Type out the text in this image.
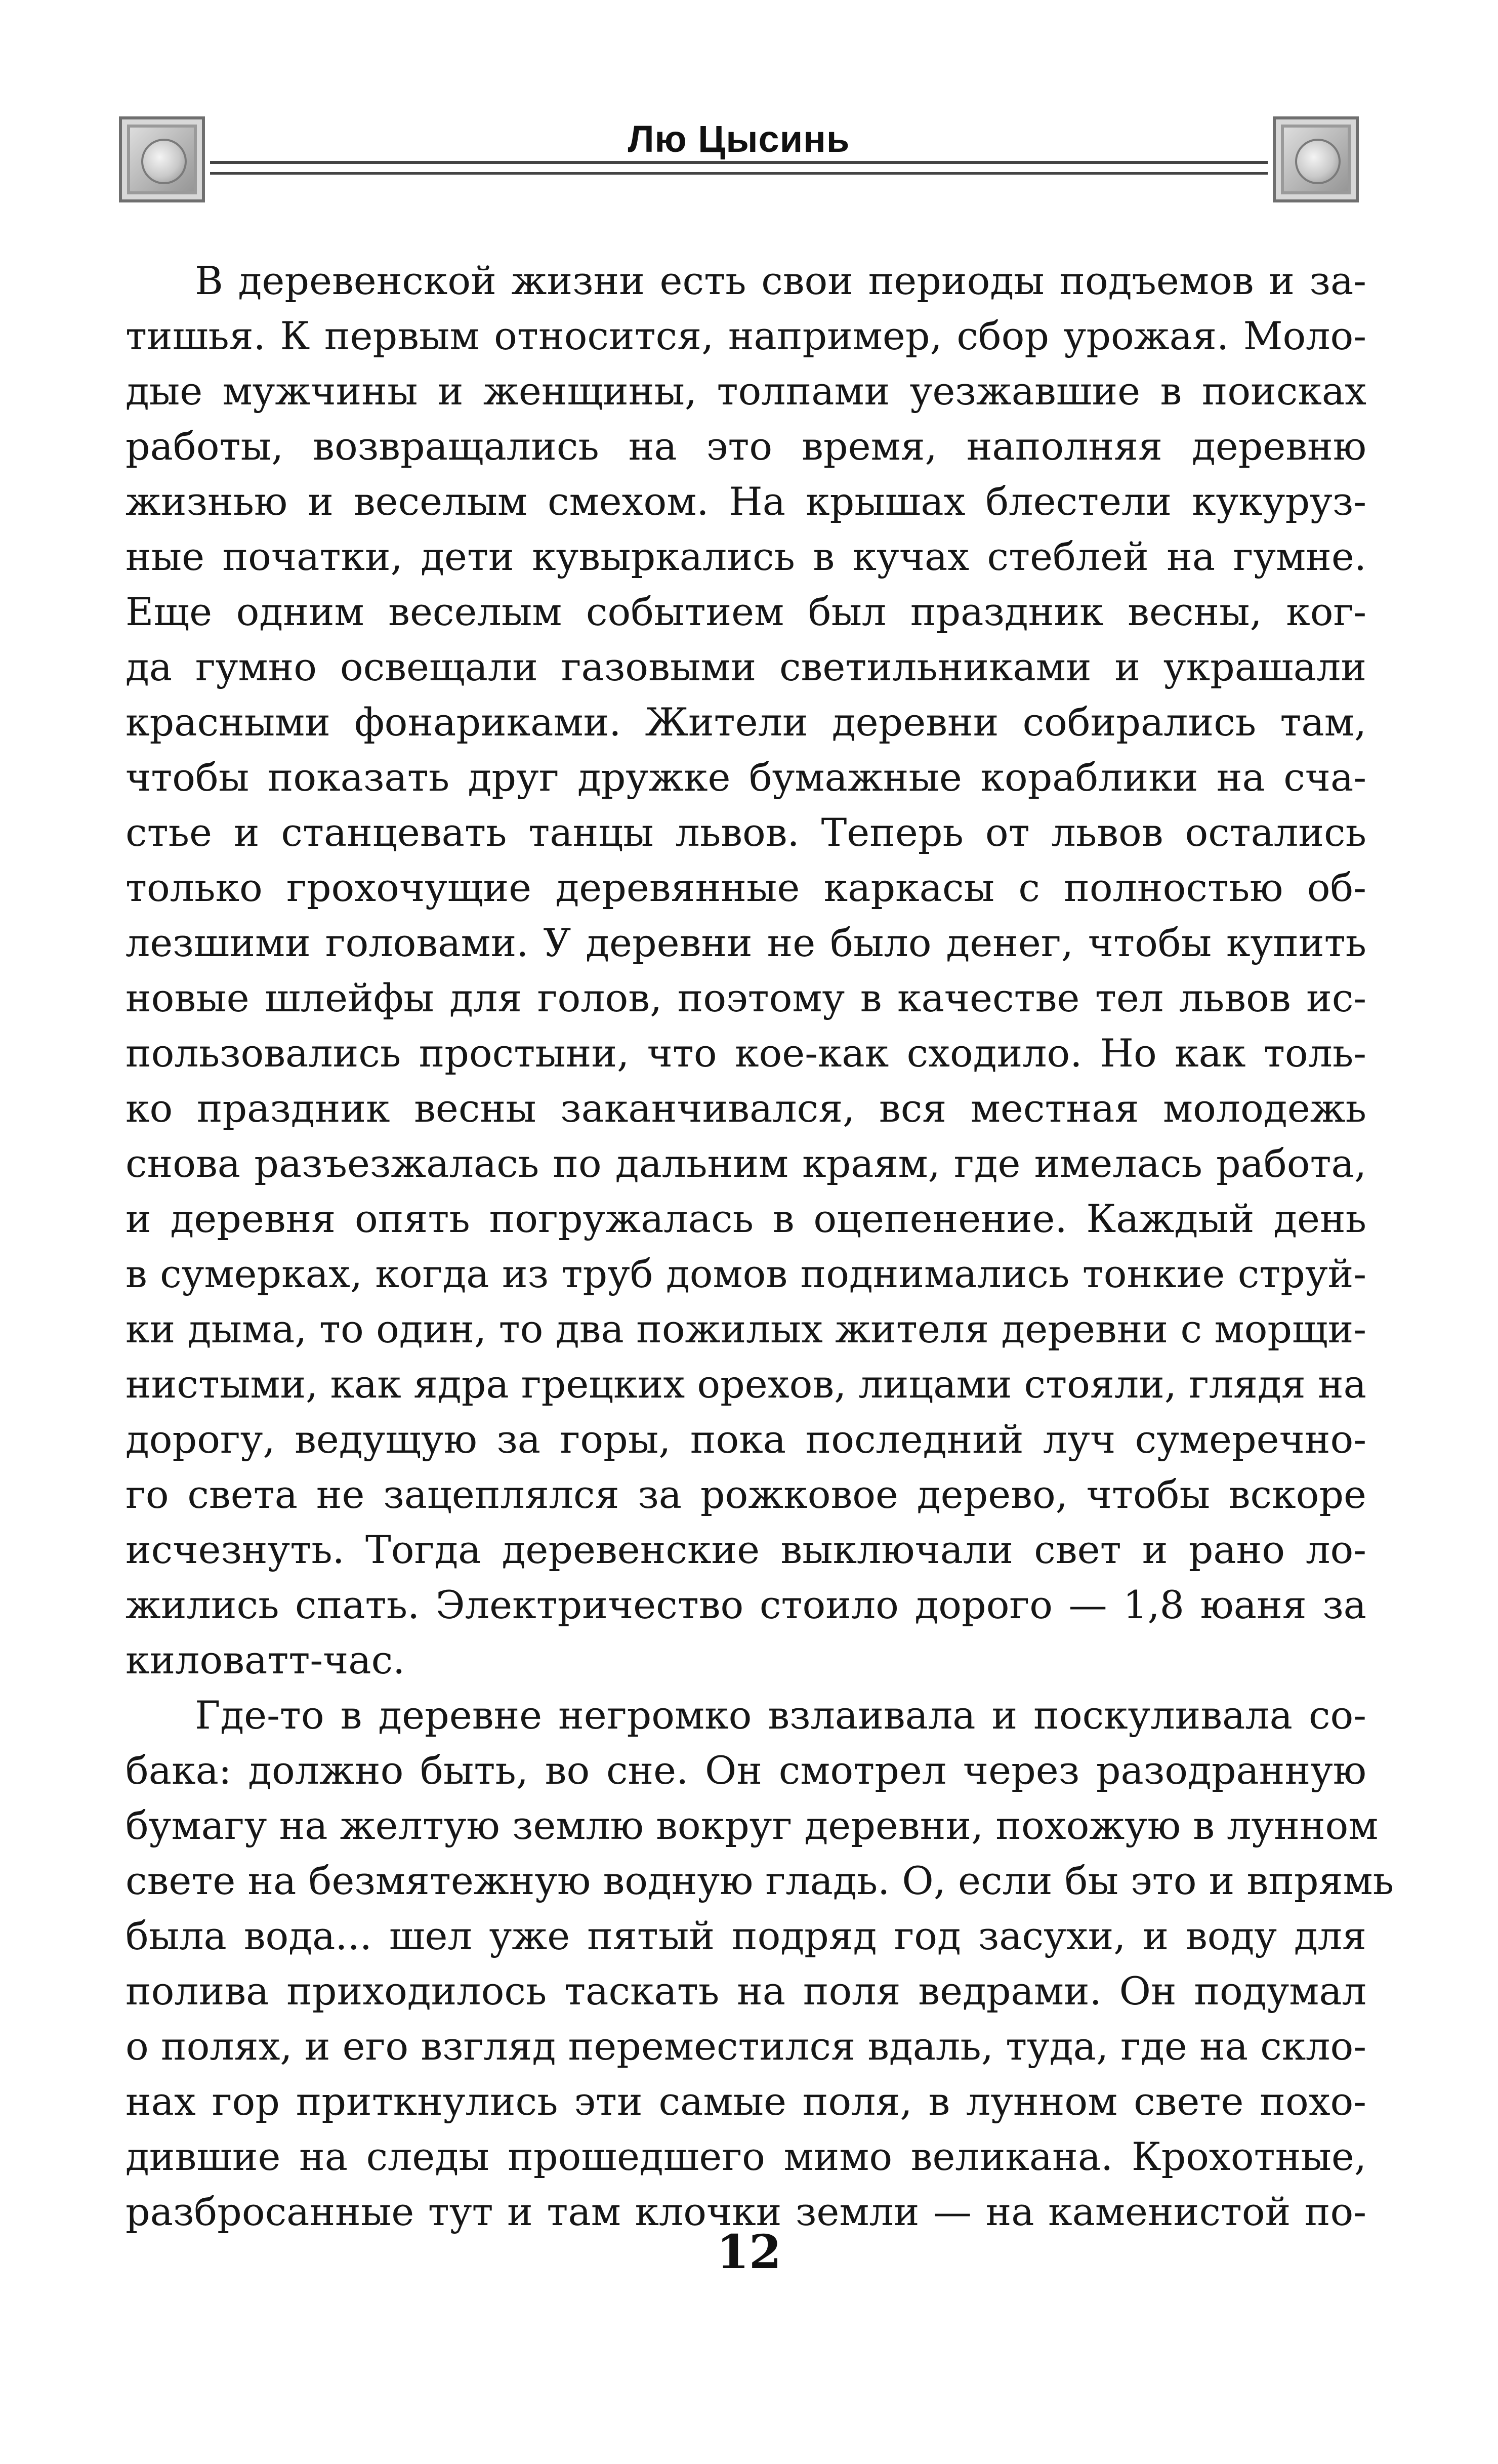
Лю Цысинь
В деревенской жизни есть свои периоды подъемов и за-
тишья. К первым относится, например, сбор урожая. Моло-
дые мужчины и женщины, толпами уезжавшие в поисках
работы, возвращались на это время, наполняя деревню
жизнью и веселым смехом. На крышах блестели кукуруз-
ные початки, дети кувыркались в кучах стеблей на гумне.
Еще одним веселым событием был праздник весны, ког-
да гумно освещали газовыми светильниками и украшали
красными фонариками. Жители деревни собирались там,
чтобы показать друг дружке бумажные кораблики на сча-
стье и станцевать танцы львов. Теперь от львов остались
только грохочущие деревянные каркасы с полностью об-
лезшими головами. У деревни не было денег, чтобы купить
новые шлейфы для голов, поэтому в качестве тел львов ис-
пользовались простыни, что кое-как сходило. Но как толь-
ко праздник весны заканчивался, вся местная молодежь
снова разъезжалась по дальним краям, где имелась работа,
и деревня опять погружалась в оцепенение. Каждый день
в сумерках, когда из труб домов поднимались тонкие струй-
ки дыма, то один, то два пожилых жителя деревни с морщи-
нистыми, как ядра грецких орехов, лицами стояли, глядя на
дорогу, ведущую за горы, пока последний луч сумеречно-
го света не зацеплялся за рожковое дерево, чтобы вскоре
исчезнуть. Тогда деревенские выключали свет и рано ло-
жились спать. Электричество стоило дорого — 1,8 юаня за
киловатт-час.
Где-то в деревне негромко взлаивала и поскуливала со-
бака: должно быть, во сне. Он смотрел через разодранную
бумагу на желтую землю вокруг деревни, похожую в лунном
свете на безмятежную водную гладь. О, если бы это и впрямь
была вода... шел уже пятый подряд год засухи, и воду для
полива приходилось таскать на поля ведрами. Он подумал
о полях, и его взгляд переместился вдаль, туда, где на скло-
нах гор приткнулись эти самые поля, в лунном свете похо-
дившие на следы прошедшего мимо великана. Крохотные,
разбросанные тут и там клочки земли — на каменистой по-
12
